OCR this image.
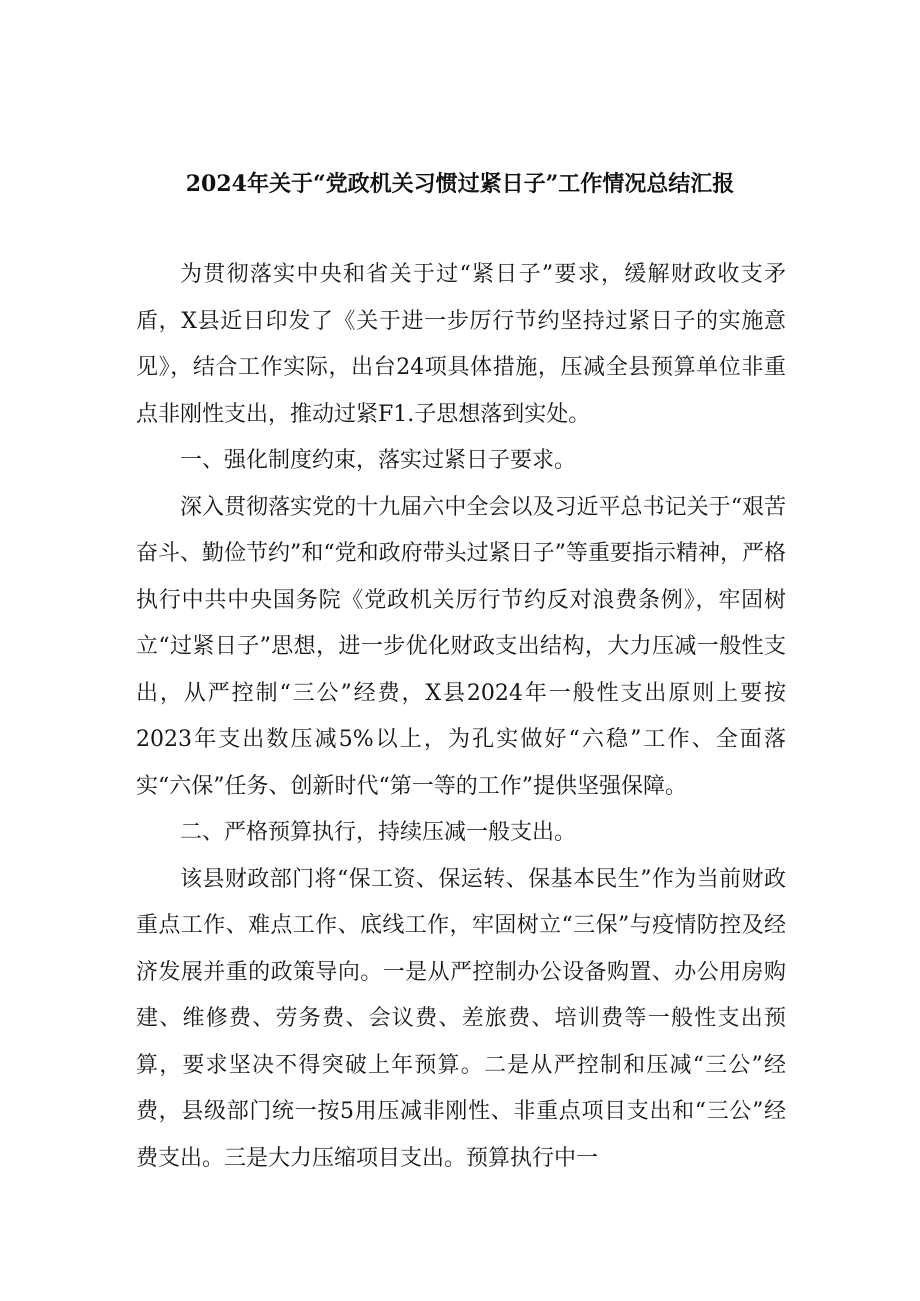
2024年关于“党政机关习惯过紧日子”工作情况总结汇报

为贯彻落实中央和省关于过“紧日子”要求，缓解财政收支矛盾，X县近日印发了《关于进一步厉行节约坚持过紧日子的实施意见》，结合工作实际，出台24项具体措施，压减全县预算单位非重点非刚性支出，推动过紧F1.子思想落到实处。

一、强化制度约束，落实过紧日子要求。

深入贯彻落实党的十九届六中全会以及习近平总书记关于“艰苦奋斗、勤俭节约”和“党和政府带头过紧日子”等重要指示精神，严格执行中共中央国务院《党政机关厉行节约反对浪费条例》，牢固树立“过紧日子”思想，进一步优化财政支出结构，大力压减一般性支出，从严控制“三公”经费，X县2024年一般性支出原则上要按2023年支出数压减5%以上，为孔实做好“六稳”工作、全面落实“六保”任务、创新时代“第一等的工作”提供坚强保障。

二、严格预算执行，持续压减一般支出。

该县财政部门将“保工资、保运转、保基本民生”作为当前财政重点工作、难点工作、底线工作，牢固树立“三保”与疫情防控及经济发展并重的政策导向。一是从严控制办公设备购置、办公用房购建、维修费、劳务费、会议费、差旅费、培训费等一般性支出预算，要求坚决不得突破上年预算。二是从严控制和压减“三公”经费，县级部门统一按5用压减非刚性、非重点项目支出和“三公”经费支出。三是大力压缩项目支出。预算执行中一
